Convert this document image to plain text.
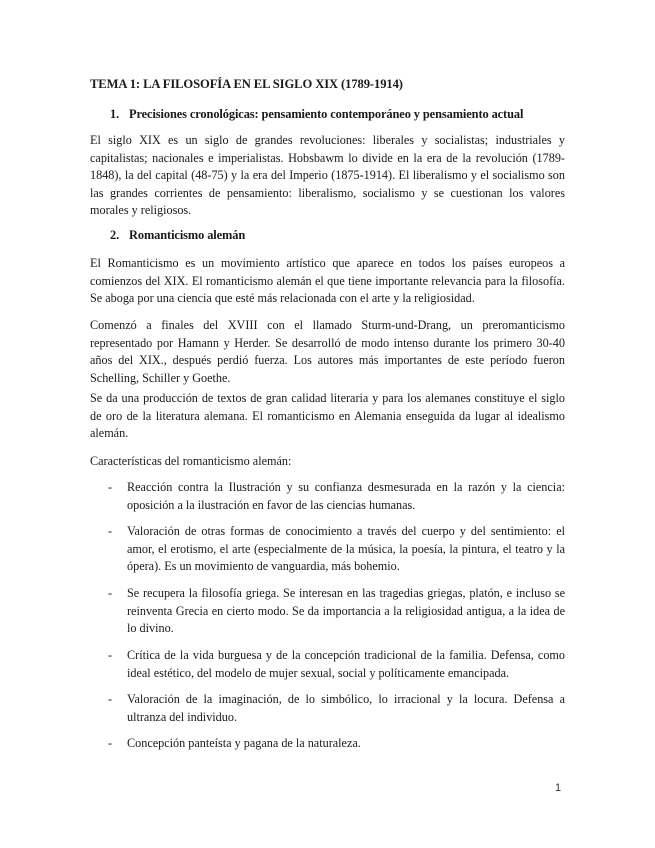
TEMA 1: LA FILOSOFÍA EN EL SIGLO XIX (1789-1914)
1. Precisiones cronológicas: pensamiento contemporáneo y pensamiento actual

El siglo XIX es un siglo de grandes revoluciones: liberales y socialistas; industriales y capitalistas; nacionales e imperialistas. Hobsbawm lo divide en la era de la revolución (1789-1848), la del capital (48-75) y la era del Imperio (1875-1914). El liberalismo y el socialismo son las grandes corrientes de pensamiento: liberalismo, socialismo y se cuestionan los valores morales y religiosos.

2. Romanticismo alemán

El Romanticismo es un movimiento artístico que aparece en todos los países europeos a comienzos del XIX. El romanticismo alemán el que tiene importante relevancia para la filosofía. Se aboga por una ciencia que esté más relacionada con el arte y la religiosidad.

Comenzó a finales del XVIII con el llamado Sturm-und-Drang, un preromanticismo representado por Hamann y Herder. Se desarrolló de modo intenso durante los primero 30-40 años del XIX., después perdió fuerza. Los autores más importantes de este período fueron Schelling, Schiller y Goethe.

Se da una producción de textos de gran calidad literaria y para los alemanes constituye el siglo de oro de la literatura alemana. El romanticismo en Alemania enseguida da lugar al idealismo alemán.

Características del romanticismo alemán:

- Reacción contra la Ilustración y su confianza desmesurada en la razón y la ciencia: oposición a la ilustración en favor de las ciencias humanas.
- Valoración de otras formas de conocimiento a través del cuerpo y del sentimiento: el amor, el erotismo, el arte (especialmente de la música, la poesía, la pintura, el teatro y la ópera). Es un movimiento de vanguardia, más bohemio.
- Se recupera la filosofía griega. Se interesan en las tragedias griegas, platón, e incluso se reinventa Grecia en cierto modo. Se da importancia a la religiosidad antigua, a la idea de lo divino.
- Crítica de la vida burguesa y de la concepción tradicional de la familia. Defensa, como ideal estético, del modelo de mujer sexual, social y políticamente emancipada.
- Valoración de la imaginación, de lo simbólico, lo irracional y la locura. Defensa a ultranza del individuo.
- Concepción panteísta y pagana de la naturaleza.
1
